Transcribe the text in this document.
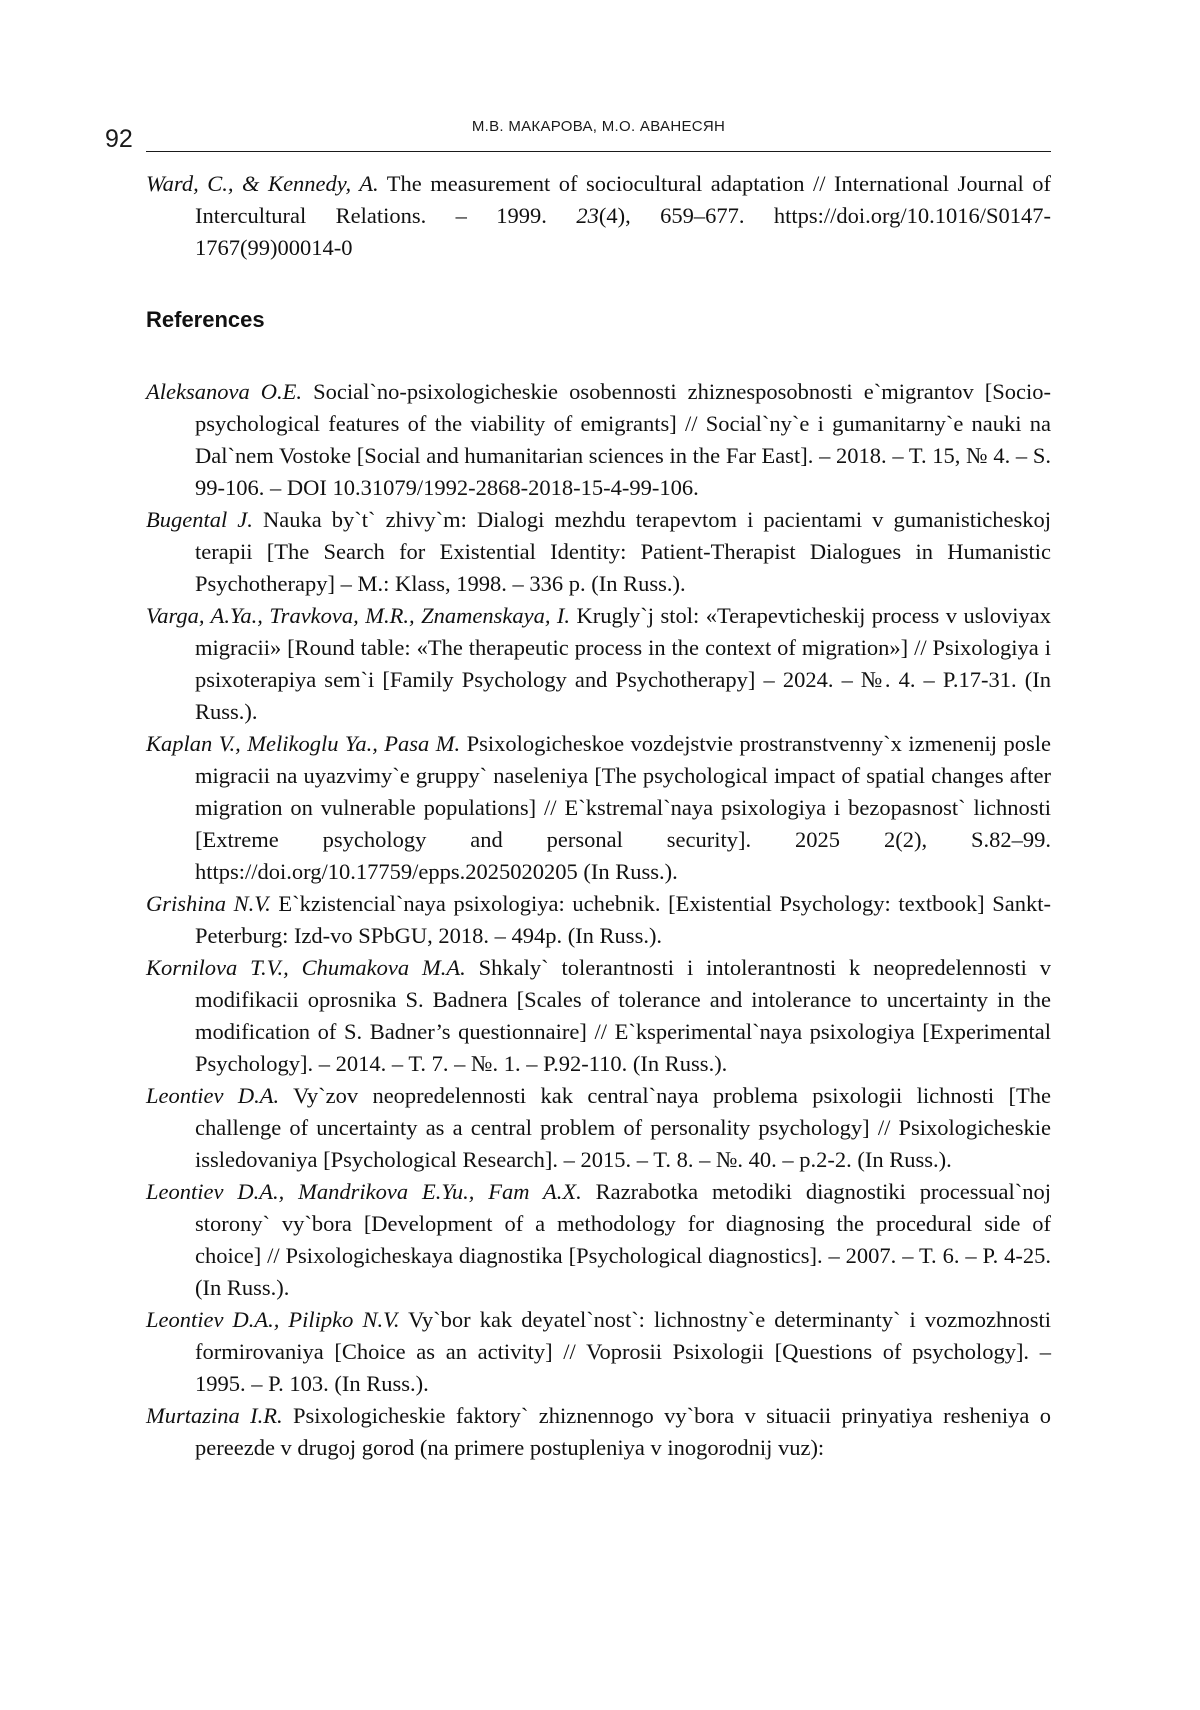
92	М.В. МАКАРОВА, М.О. АВАНЕСЯН

Ward, C., & Kennedy, A. The measurement of sociocultural adaptation // International Journal of Intercultural Relations. – 1999. 23(4), 659–677. https://doi.org/10.1016/S0147-1767(99)00014-0

References

Aleksanova O.E. Social`no-psixologicheskie osobennosti zhiznesposobnosti e`migrantov [Socio-psychological features of the viability of emigrants] // Social`ny`e i gumanitarny`e nauki na Dal`nem Vostoke [Social and humanitarian sciences in the Far East]. – 2018. – T. 15, № 4. – S. 99-106. – DOI 10.31079/1992-2868-2018-15-4-99-106.

Bugental J. Nauka by`t` zhivy`m: Dialogi mezhdu terapevtom i pacientami v gumanisticheskoj terapii [The Search for Existential Identity: Patient-Therapist Dialogues in Humanistic Psychotherapy] – M.: Klass, 1998. – 336 p. (In Russ.).

Varga, A.Ya., Travkova, M.R., Znamenskaya, I. Krugly`j stol: «Terapevticheskij process v usloviyax migracii» [Round table: «The therapeutic process in the context of migration»] // Psixologiya i psixoterapiya sem`i [Family Psychology and Psychotherapy] – 2024. – №. 4. – P.17-31. (In Russ.).

Kaplan V., Melikoglu Ya., Pasa M. Psixologicheskoe vozdejstvie prostranstvenny`x izmenenij posle migracii na uyazvimy`e gruppy` naseleniya [The psychological impact of spatial changes after migration on vulnerable populations] // E`kstremal`naya psixologiya i bezopasnost` lichnosti [Extreme psychology and personal security]. 2025 2(2), S.82–99. https://doi.org/10.17759/epps.2025020205 (In Russ.).

Grishina N.V. E`kzistencial`naya psixologiya: uchebnik. [Existential Psychology: textbook] Sankt-Peterburg: Izd-vo SPbGU, 2018. – 494p. (In Russ.).

Kornilova T.V., Chumakova M.A. Shkaly` tolerantnosti i intolerantnosti k neopredelennosti v modifikacii oprosnika S. Badnera [Scales of tolerance and intolerance to uncertainty in the modification of S. Badner’s questionnaire] // E`ksperimental`naya psixologiya [Experimental Psychology]. – 2014. – T. 7. – №. 1. – P.92-110. (In Russ.).

Leontiev D.A. Vy`zov neopredelennosti kak central`naya problema psixologii lichnosti [The challenge of uncertainty as a central problem of personality psychology] // Psixologicheskie issledovaniya [Psychological Research]. – 2015. – T. 8. – №. 40. – p.2-2. (In Russ.).

Leontiev D.A., Mandrikova E.Yu., Fam A.X. Razrabotka metodiki diagnostiki processual`noj storony` vy`bora [Development of a methodology for diagnosing the procedural side of choice] // Psixologicheskaya diagnostika [Psychological diagnostics]. – 2007. – T. 6. – P. 4-25. (In Russ.).

Leontiev D.A., Pilipko N.V. Vy`bor kak deyatel`nost`: lichnostny`e determinanty` i vozmozhnosti formirovaniya [Choice as an activity] // Voprosii Psixologii [Questions of psychology]. – 1995. – P. 103. (In Russ.).

Murtazina I.R. Psixologicheskie faktory` zhiznennogo vy`bora v situacii prinyatiya resheniya o pereezde v drugoj gorod (na primere postupleniya v inogorodnij vuz):
